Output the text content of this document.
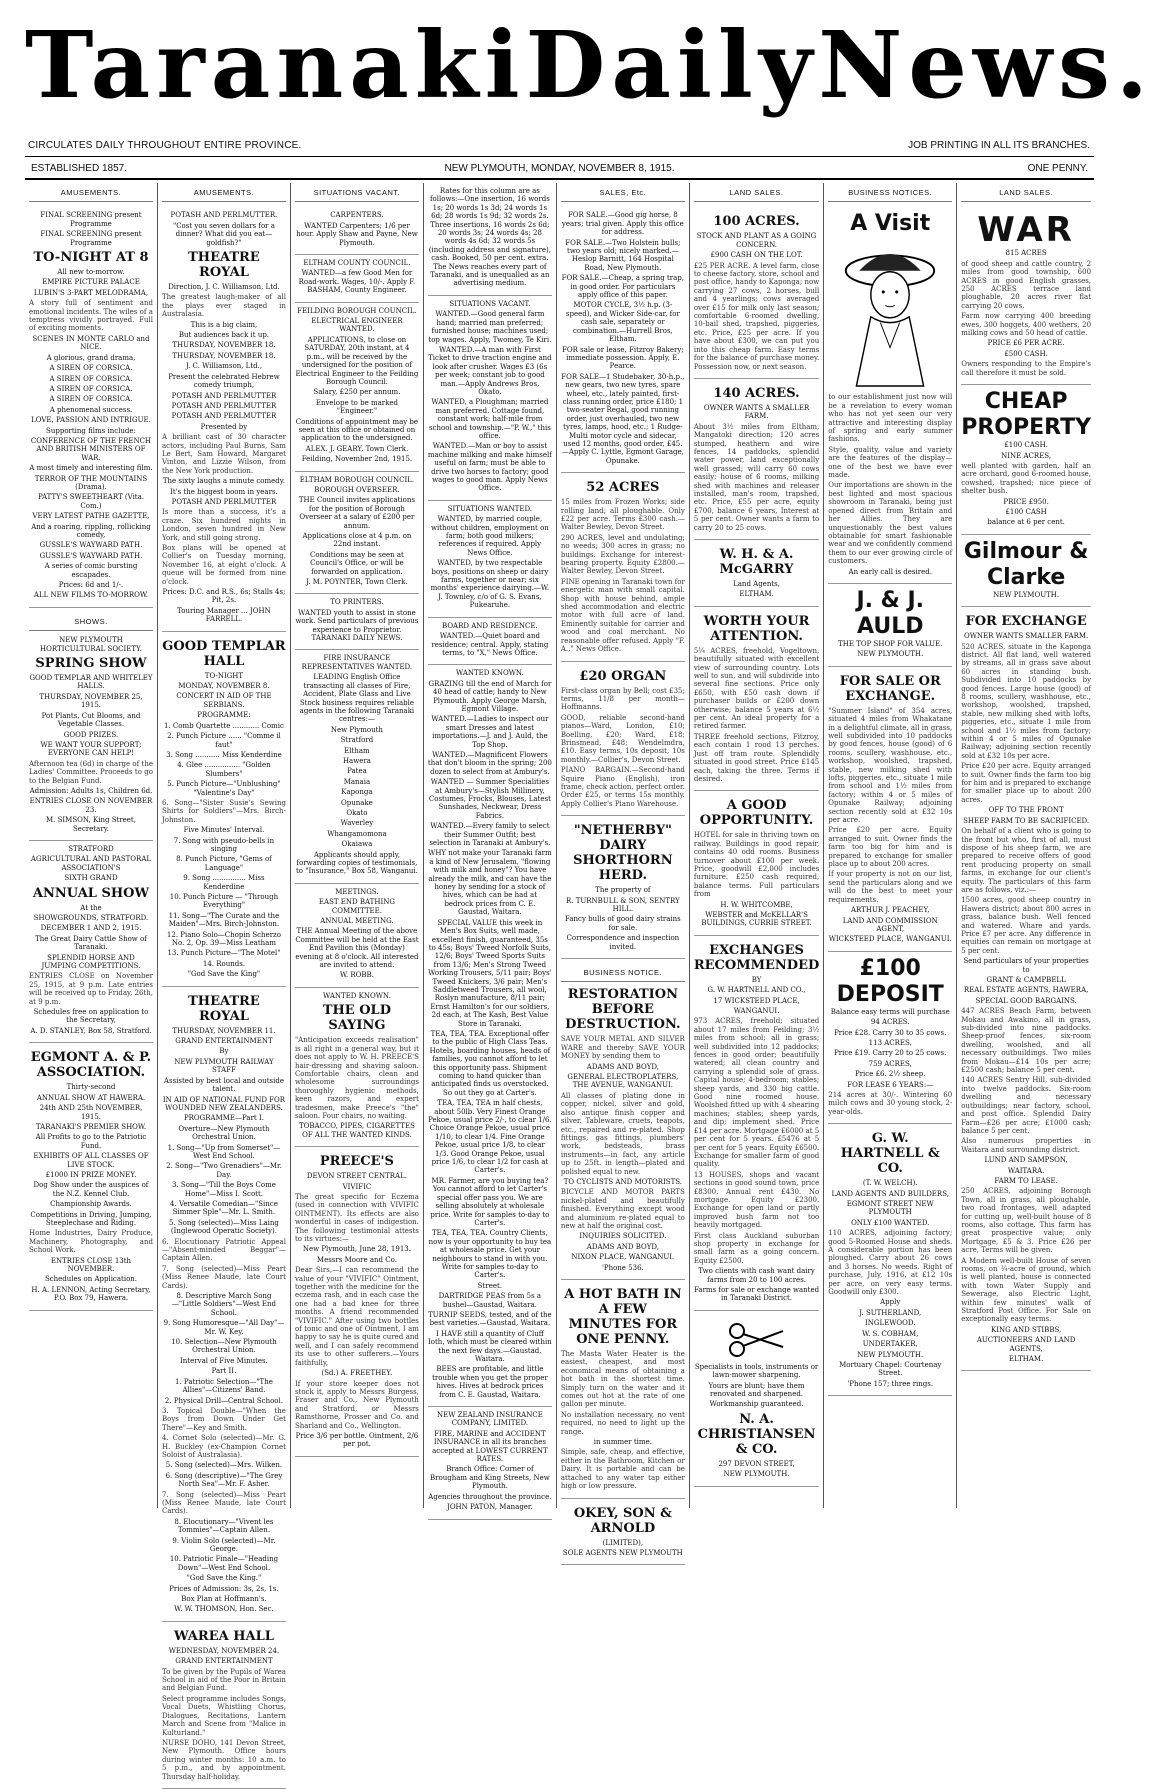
Taranaki Daily News.
CIRCULATES DAILY THROUGHOUT ENTIRE PROVINCE.	JOB PRINTING IN ALL ITS BRANCHES.
ESTABLISHED 1857.	NEW PLYMOUTH, MONDAY, NOVEMBER 8, 1915.	ONE PENNY.
AMUSEMENTS.

FINAL SCREENING present Programme

FINAL SCREENING present Programme

TO-NIGHT AT 8

All new to-morrow.

EMPIRE PICTURE PALACE

LUBIN'S 3-PART MELODRAMA,

A story full of sentiment and emotional incidents. The wiles of a temptress vividly portrayed. Full of exciting moments.

SCENES IN MONTE CARLO and NICE.

A glorious, grand drama,

A SIREN OF CORSICA.

A SIREN OF CORSICA.

A SIREN OF CORSICA.

A SIREN OF CORSICA.

A phenomenal success.

LOVE, PASSION AND INTRIGUE.

Supporting films include:

CONFERENCE OF THE FRENCH AND BRITISH MINISTERS OF WAR.

A most timely and interesting film.

TERROR OF THE MOUNTAINS (Drama).

PATTY'S SWEETHEART (Vita. Com.)

VERY LATEST PATHE GAZETTE,

And a roaring, rippling, rollicking comedy,

GUSSLE'S WAYWARD PATH.

GUSSLE'S WAYWARD PATH.

A series of comic bursting escapades.

Prices: 6d and 1/-.

ALL NEW FILMS TO-MORROW.

SHOWS.

NEW PLYMOUTH HORTICULTURAL SOCIETY.

SPRING SHOW

GOOD TEMPLAR AND WHITELEY HALLS.

THURSDAY, NOVEMBER 25, 1915.

Pot Plants, Cut Blooms, and Vegetable Classes.

GOOD PRIZES.

WE WANT YOUR SUPPORT; EVERYONE CAN HELP!

Afternoon tea (6d) in charge of the Ladies' Committee. Proceeds to go to the Belgian Fund.

Admission: Adults 1s, Children 6d.

ENTRIES CLOSE ON NOVEMBER 23.

M. SIMSON, King Street, Secretary.

STRATFORD

AGRICULTURAL AND PASTORAL ASSOCIATION'S

SIXTH GRAND

ANNUAL SHOW

At the

SHOWGROUNDS, STRATFORD.

DECEMBER 1 AND 2, 1915.

The Great Dairy Cattle Show of Taranaki.

SPLENDID HORSE AND JUMPING COMPETITIONS.

ENTRIES CLOSE on November 25, 1915, at 9 p.m. Late entries will be received up to Friday, 26th, at 9 p.m.

Schedules free on application to the Secretary,

A. D. STANLEY, Box 58, Stratford.

EGMONT A. & P. ASSOCIATION.

Thirty-second

ANNUAL SHOW AT HAWERA.

24th AND 25th NOVEMBER, 1915.

TARANAKI'S PREMIER SHOW.

All Profits to go to the Patriotic Fund.

EXHIBITS OF ALL CLASSES OF LIVE STOCK.

£1000 IN PRIZE MONEY.

Dog Show under the auspices of the N.Z. Kennel Club.

Championship Awards.

Competitions in Driving, Jumping, Steeplechase and Riding.

Home Industries, Dairy Produce, Machinery, Photography, and School Work.

ENTRIES CLOSE 13th NOVEMBER.

Schedules on Application.

H. A. LENNON, Acting Secretary, P.O. Box 79, Hawera.

AMUSEMENTS.

POTASH AND PERLMUTTER.

"Cost you seven dollars for a dinner? What did you eat—goldfish?"

THEATRE ROYAL

Direction, J. C. Williamson, Ltd.

The greatest laugh-maker of all the plays ever staged in Australasia.

This is a big claim,

But audiences back it up.

THURSDAY, NOVEMBER 18.

THURSDAY, NOVEMBER 18.

J. C. Williamson, Ltd.,

Present the celebrated Hebrew comedy triumph,

POTASH AND PERLMUTTER

POTASH AND PERLMUTTER

POTASH AND PERLMUTTER

Presented by

A brilliant cast of 30 character actors, including Paul Burns, Sam Le Bert, Sam Howard, Margaret Vinton, and Lizzie Wilson, from the New York production.

The sixty laughs a minute comedy.

It's the biggest boom in years.

POTASH AND PERLMUTTER

Is more than a success, it's a craze. Six hundred nights in London, seven hundred in New York, and still going strong.

Box plans will be opened at Collier's on Tuesday morning, November 16, at eight o'clock. A queue will be formed from nine o'clock.

Prices: D.C. and R.S., 6s; Stalls 4s; Pit, 2s.

Touring Manager ... JOHN FARRELL.

GOOD TEMPLAR HALL

TO-NIGHT

MONDAY, NOVEMBER 8.

CONCERT IN AID OF THE SERBIANS.

PROGRAMME:

1. Comb Quartette ............ Comic

2. Punch Picture ...... "Comme il faut"

3. Song ........... Miss Kenderdine

4. Glee ................ "Golden Slumbers"

5. Punch Picture—"Unblushing" "Valentine's Day"

6. Song—"Sister Susie's Sewing Shirts for Soldiers"—Mrs. Birch-Johnston.

Five Minutes' Interval.

7. Song with pseudo-bells in singing

8. Punch Picture, "Gems of Language"

9. Song ............... Miss Kenderdine

10. Punch Picture — "Through Everything"

11. Song—"The Curate and the Maiden"—Mrs. Birch-Johnston.

12. Piano Solo—Chopin Scherzo No. 2, Op. 39—Miss Leatham

13. Punch Picture—"The Motel"

14. Rounds.

"God Save the King"

THEATRE ROYAL

THURSDAY, NOVEMBER 11.

GRAND ENTERTAINMENT

By

NEW PLYMOUTH RAILWAY STAFF

Assisted by best local and outside talent.

IN AID OF NATIONAL FUND FOR WOUNDED NEW ZEALANDERS.

PROGRAMME—Part I.

Overture—New Plymouth Orchestral Union.

1. Song—"Up from Somerset"—West End School.

2. Song—"Two Grenadiers"—Mr. Day.

3. Song—"Till the Boys Come Home"—Miss I. Scott.

4. Versatile Comedian—"Since Simmer Sple"—Mr. L. Smith.

5. Song (selected)—Miss Laing (Inglewood Operatic Society).

6. Elocutionary Patriotic Appeal—"Absent-minded Beggar"—Captain Allen.

7. Song (selected)—Miss Peart (Miss Renee Maude, late Court Cards).

8. Descriptive March Song—"Little Soldiers"—West End School.

9. Song Humoresque—"All Day"—Mr. W. Key.

10. Selection—New Plymouth Orchestral Union.

Interval of Five Minutes.

Part II.

1. Patriotic Selection—"The Allies"—Citizens' Band.

2. Physical Drill—Central School.

3. Topical Double—"When the Boys from Down Under Get There"—Key and Smith.

4. Cornet Solo (selected)—Mr. G. H. Buckley (ex-Champion Cornet Soloist of Australasia).

5. Song (selected)—Mrs. Wilken.

6. Song (descriptive)—"The Grey North Sea"—Mr. F. Asher.

7. Song (selected)—Miss Peart (Miss Renee Maude, late Court Cards).

8. Elocutionary—"Vivent les Tommies"—Captain Allen.

9. Violin Solo (selected)—Mr. George.

10. Patriotic Finale—"Heading Down"—West End School.

"God Save the King."

Prices of Admission: 3s, 2s, 1s.

Box Plan at Hoffmann's.

W. W. THOMSON, Hon. Sec.

WAREA HALL

WEDNESDAY, NOVEMBER 24.

GRAND ENTERTAINMENT

To be given by the Pupils of Warea School in aid of the Poor in Britain and Belgian Fund.

Select programme includes Songs, Vocal Duets, Whistling Chorus, Dialogues, Recitations, Lantern March and Scene from "Malice in Kulturland."

NURSE DOHO, 141 Devon Street, New Plymouth. Office hours during winter months: 10 a.m. to 5 p.m., and by appointment. Thursday half-holiday.

SITUATIONS VACANT.

CARPENTERS.

WANTED Carpenters; 1/6 per hour. Apply Shaw and Payne, New Plymouth.

ELTHAM COUNTY COUNCIL.

WANTED—a few Good Men for Road-work. Wages, 10/-. Apply F. BASHAM, County Engineer.

FEILDING BOROUGH COUNCIL.

ELECTRICAL ENGINEER WANTED.

APPLICATIONS, to close on SATURDAY, 20th instant, at 4 p.m., will be received by the undersigned for the position of Electrical Engineer to the Feilding Borough Council.

Salary, £250 per annum.

Envelope to be marked "Engineer."

Conditions of appointment may be seen at this office or obtained on application to the undersigned.

ALEX. J. GEARY, Town Clerk.

Feilding, November 2nd, 1915.

ELTHAM BOROUGH COUNCIL.

BOROUGH OVERSEER.

THE Council invites applications for the position of Borough Overseer at a salary of £200 per annum.

Applications close at 4 p.m. on 22nd instant.

Conditions may be seen at Council's Office, or will be forwarded on application.

J. M. POYNTER, Town Clerk.

TO PRINTERS.

WANTED youth to assist in stone work. Send particulars of previous experience to Proprietor. TARANAKI DAILY NEWS.

FIRE INSURANCE REPRESENTATIVES WANTED.

LEADING English Office transacting all classes of Fire, Accident, Plate Glass and Live Stock business requires reliable agents in the following Taranaki centres:—

New Plymouth

Stratford

Eltham

Hawera

Patea

Manaia

Kaponga

Opunake

Okato

Waverley

Whangamomona

Okaiawa

Applicants should apply, forwarding copies of testimonials, to "Insurance," Box 58, Wanganui.

MEETINGS.

EAST END BATHING COMMITTEE.

ANNUAL MEETING.

THE Annual Meeting of the above Committee will be held at the East End Pavilion this (Monday) evening at 8 o'clock. All interested are invited to attend.

W. ROBB.

WANTED KNOWN.

THE OLD SAYING

"Anticipation exceeds realisation" is all right in a general way, but it does not apply to W. H. PREECE'S hair-dressing and shaving saloon. Comfortable chairs, clean and wholesome surroundings thoroughly hygienic methods, keen razors, and expert tradesmen, make Preece's "the" saloon. Four chairs, no waiting.

TOBACCO, PIPES, CIGARETTES OF ALL THE WANTED KINDS.

PREECE'S

DEVON STREET CENTRAL.

VIVIFIC

The great specific for Eczema (used in connection with VIVIFIC OINTMENT). Its effects are also wonderful in cases of indigestion. The following testimonial attests to its virtues:—

New Plymouth, June 28, 1913.

Messrs Moore and Co.

Dear Sirs,—I can recommend the value of your "VIVIFIC" Ointment, together with the medicine for the eczema rash, and in each case the one had a bad knee for three months. A friend recommended "VIVIFIC." After using two bottles of tonic and one of Ointment, I am happy to say he is quite cured and well, and I can safely recommend its use to other sufferers.—Yours faithfully,

(Sd.) A. FREETHEY.

If your store keeper does not stock it, apply to Messrs Burgess, Fraser and Co., New Plymouth and Stratford, or Messrs Ramsthorne, Prosser and Co. and Sharland and Co., Wellington.

Price 3/6 per bottle. Ointment, 2/6 per pot.

Rates for this column are as follows:—One insertion, 16 words 1s; 20 words 1s 3d; 24 words 1s 6d; 28 words 1s 9d; 32 words 2s. Three insertions, 16 words 2s 6d; 20 words 3s; 24 words 4s; 28 words 4s 6d; 32 words 5s (including address and signature), cash. Booked, 50 per cent. extra. The News reaches every part of Taranaki, and is unequalled as an advertising medium.

SITUATIONS VACANT.

WANTED.—Good general farm hand; married man preferred; furnished house; machines used; top wages. Apply, Twomey, Te Kiri.

WANTED.—A man with First Ticket to drive traction engine and look after crusher. Wages £3 (6s per week; constant job to good man.—Apply Andrews Bros, Okato.

WANTED, a Ploughman; married man preferred. Cottage found, constant work; half-mile from school and township.—"P. W.," this office.

WANTED.—Man or boy to assist machine milking and make himself useful on farm; must be able to drive two horses to factory; good wages to good man. Apply News Office.

SITUATIONS WANTED.

WANTED, by married couple, without children, employment on farm; both good milkers; references if required. Apply News Office.

WANTED, by two respectable boys, positions on sheep or dairy farms, together or near; six months' experience dairying.—W. J. Townley, c/o of G. S. Evans, Pukearuhe.

BOARD AND RESIDENCE.

WANTED.—Quiet board and residence; central. Apply, stating terms, to "X," News Office.

WANTED KNOWN.

GRAZING till the end of March for 40 head of cattle; handy to New Plymouth. Apply George Marsh, Egmont Village.

WANTED.—Ladies to inspect our smart Dresses and latest importations.—J. and J. Auld, the Top Shop.

WANTED.—Magnificent Flowers that don't bloom in the spring; 200 dozen to select from at Ambury's.

WANTED — Summer Specialities at Ambury's—Stylish Millinery, Costumes, Frocks, Blouses, Latest Sunshades, Neckwear, Dress Fabrics.

WANTED.—Every family to select their Summer Outfit; best selection in Taranaki at Ambury's.

WHY not make your Taranaki farm a kind of New Jerusalem, "flowing with milk and honey"? You have already the milk, and can have the honey by sending for a stock of hives, which can be had at bedrock prices from C. E. Gaustad, Waitara.

SPECIAL VALUE this week in Men's Box Suits, well made, excellent finish, guaranteed, 35s to 45s; Boys' Tweed Norfolk Suits, 12/6; Boys' Tweed Sports Suits from 13/6; Men's Strong Tweed Working Trousers, 5/11 pair; Boys' Tweed Knickers, 3/6 pair; Men's Saddletweed Trousers, all wool, Roslyn manufacture, 8/11 pair; Ernst Hamilton's for our soldiers, 2d each, at The Kash, Best Value Store in Taranaki.

TEA, TEA, TEA. Exceptional offer to the public of High Class Teas. Hotels, boarding houses, heads of families, you cannot afford to let this opportunity pass. Shipment coming to hand quicker than anticipated finds us overstocked. So out they go at Carter's.

TEA, TEA, TEA in half chests, about 50lb. Very Finest Orange Pekoe, usual price 2/-, to clear 1/6. Choice Orange Pekoe, usual price 1/10, to clear 1/4. Fine Orange Pekoe, usual price 1/8, to clear 1/3. Good Orange Pekoe, usual price 1/6, to clear 1/2 for cash at Carter's.

MR. Farmer, are you buying tea? You cannot afford to let Carter's special offer pass you. We are selling absolutely at wholesale price. Write for samples to-day to Carter's.

TEA, TEA, TEA. Country Clients, now is your opportunity to buy tea at wholesale price. Get your neighbours to stand in with you. Write for samples to-day to Carter's.

Street.

DARTRIDGE PEAS from 5s a bushel—Gaustad, Waitara.

TURNIP SEEDS, tested, and of the best varieties.—Gaustad, Waitara.

I HAVE still a quantity of Cluff Ioth, which must be cleared within the next few days.—Gaustad, Waitara.

BEES are profitable, and little trouble when you get the proper hives. Hives at bedrock prices from C. E. Gaustad, Waitara.

NEW ZEALAND INSURANCE COMPANY, LIMITED.

FIRE, MARINE and ACCIDENT INSURANCE in all its branches accepted at LOWEST CURRENT RATES.

Branch Office: Corner of Brougham and King Streets, New Plymouth.

Agencies throughout the province.

JOHN PATON, Manager.

SALES, Etc.

FOR SALE.—Good gig horse, 8 years; trial given. Apply this office for address.

FOR SALE.—Two Holstein bulls; two years old; nicely marked.—Heslop Barnitt, 164 Hospital Road, New Plymouth.

FOR SALE.—Cheap, a spring trap, in good order. For particulars apply office of this paper.

MOTOR CYCLE, 3½ h.p. (3-speed), and Wicker Side-car, for cash sale, separately or combination.—Hurrell Bros, Eltham.

FOR sale or lease, Fitzroy Bakery; immediate possession. Apply, E. Pearce.

FOR SALE—1 Studebaker, 30-h.p., new gears, two new tyres, spare wheel, etc., lately painted, first-class running order, price £180; 1 two-seater Regal, good running order, just overhauled, two new tyres, lamps, hood, etc.; 1 Rudge-Multi motor cycle and sidecar, used 12 months, good order, £45.—Apply C. Lyttle, Egmont Garage, Opunake.

52 ACRES

15 miles from Frozen Works; side rolling land; all ploughable. Only £22 per acre. Terms £300 cash.—Walter Bewley, Devon Street.

290 ACRES, level and undulating; no weeds; 300 acres in grass; no buildings. Exchange for interest-bearing property. Equity £2800.—Walter Bewley, Devon Street.

FINE opening in Taranaki town for energetic man with small capital. Shop with house behind, ample shed accommodation and electric motor with full acre of land. Eminently suitable for carrier and wood and coal merchant. No reasonable offer refused. Apply "F. A.," News Office.

£20 ORGAN

First-class organ by Bell; cost £35; terms, 11/8 per month—Hoffmanns.

GOOD, reliable second-hand pianos—Ward, London, £10; Boelling, £20; Ward, £18; Brinsmead, £48; Wendelmdra, £10. Easy terms, 10s deposit, 10s monthly.—Collier's, Devon Street.

PIANO BARGAIN.—Second-hand Squire Piano (English), iron frame, check action, perfect order. Order £25, or terms 15s monthly. Apply Collier's Piano Warehouse.

"NETHERBY" DAIRY SHORTHORN HERD.

The property of

R. TURNBULL & SON, SENTRY HILL.

Fancy bulls of good dairy strains for sale.

Correspondence and inspection invited.

BUSINESS NOTICE.
RESTORATION BEFORE DESTRUCTION.

SAVE YOUR METAL AND SILVER WARE and thereby SAVE YOUR MONEY by sending them to

ADAMS AND BOYD,

GENERAL ELECTROPLATERS, THE AVENUE, WANGANUI.

All classes of plating done in copper, nickel, silver and gold, also antique finish copper and silver. Tableware, cruets, teapots, etc., repaired and re-plated. Shop fittings, gas fittings, plumbers' work, bedsteads, brass instruments—in fact, any article up to 25ft. in length—plated and polished equal to new.

TO CYCLISTS AND MOTORISTS.

BICYCLE AND MOTOR PARTS nickel-plated and beautifully finished. Everything except wood and aluminium re-plated equal to new at half the original cost.

INQUIRIES SOLICITED.

ADAMS AND BOYD,

NIXON PLACE, WANGANUI.

'Phone 536.

A HOT BATH IN A FEW MINUTES FOR ONE PENNY.

The Masta Water Heater is the easiest, cheapest, and most economical means of obtaining a hot bath in the shortest time. Simply turn on the water and it comes out hot at the rate of one gallon per minute.

No installation necessary, no vent required, no need to light up the range.

in summer time.

Simple, safe, cheap, and effective, either in the Bathroom, Kitchen or Dairy. It is portable and can be attached to any water tap either high or low pressure.

OKEY, SON & ARNOLD

(LIMITED),

SOLE AGENTS NEW PLYMOUTH

LAND SALES.
100 ACRES.

STOCK AND PLANT AS A GOING CONCERN.

£900 CASH ON THE LOT.

£25 PER ACRE. A level farm, close to cheese factory, store, school and post office, handy to Kaponga; now carrying 27 cows, 2 horses, bull and 4 yearlings; cows averaged over £15 for milk only last season; comfortable 6-roomed dwelling, 10-bail shed, trapshed, piggeries, etc. Price, £25 per acre. If you have about £300, we can put you into this cheap farm. Easy terms for the balance of purchase money. Possession now, or next season.

140 ACRES.

OWNER WANTS A SMALLER FARM.

About 3½ miles from Eltham, Mangatoki direction; 120 acres stumped, heathern and wire fences, 14 paddocks, splendid water power, land exceptionally well grassed; will carry 60 cows easily; house of 6 rooms, milking shed with machines and releaser installed, man's room, trapshed, etc. Price, £55 per acre, equity £700, balance 6 years, Interest at 5 per cent. Owner wants a farm to carry 20 to 25 cows.

W. H. & A. McGARRY

Land Agents,

ELTHAM.

WORTH YOUR ATTENTION.

5¼ ACRES, freehold, Vogeltown, beautifully situated with excellent view of surrounding country. Lots well to sun, and will subdivide into several fine sections. Price only £650, with £50 cash down if purchaser builds or £200 down otherwise; balance 5 years at 6½ per cent. An ideal property for a retired farmer.

THREE freehold sections, Fitzroy, each contain 1 rood 13 perches. Just off tram route. Splendidly situated in good street. Price £145 each, taking the three. Terms if desired.

A GOOD OPPORTUNITY.

HOTEL for sale in thriving town on railway. Buildings in good repair, contains 40 odd rooms. Business turnover about £100 per week. Price, goodwill £2,000 includes furniture. £250 cash required, balance terms. Full particulars from

H. W. WHITCOMBE,

WEBSTER and McKELLAR'S BUILDINGS, CURRIE STREET.

EXCHANGES RECOMMENDED

BY

G. W. HARTNELL AND CO.,

17 WICKSTEED PLACE,

WANGANUI.

973 ACRES, freehold; situated about 17 miles from Feilding; 3½ miles from school; all in grass; well subdivided into 12 paddocks; fences in good order; beautifully watered; all clean country and carrying a splendid sole of grass. Capital house; 4-bedroom; stables; sheep yards, and 330 big cattle. Good nine roomed house. Woolshed fitted up with 4 shearing machines; stables; sheep yards, and dip; implement shed. Price £14 per acre. Mortgage £6000 at 5 per cent for 5 years. £5476 at 5 per cent for 5 years. Equity £6500. Exchange for smaller farm of good quality.

13 HOUSES, shops and vacant sections in good sound town, price £8300. Annual rent £430. No mortgage. Equity £2300. Exchange for open land or partly improved bush farm not too heavily mortgaged.

First class Auckland suburban shop property in exchange for small farm as a going concern. Equity £2500.

Two clients with cash want dairy farms from 20 to 100 acres.

Farms for sale or exchange wanted in Taranaki District.

Specialists in tools, instruments or lawn-mower sharpening.

Yours are blunt; have them renovated and sharpened.

Workmanship guaranteed.

N. A. CHRISTIANSEN & CO.

297 DEVON STREET,

NEW PLYMOUTH.

BUSINESS NOTICES.
A Visit

to our establishment just now will be a revelation to every woman who has not yet seen our very attractive and interesting display of spring and early summer fashions.

Style, quality, value and variety are the features of the display—one of the best we have ever made.

Our importations are shown in the best lighted and most spacious showroom in Taranaki, being just opened direct from Britain and her Allies. They are unquestionably the best values obtainable for smart fashionable wear and we confidently commend them to our ever growing circle of customers.

An early call is desired.

J. & J. AULD

THE TOP SHOP FOR VALUE.

NEW PLYMOUTH.

FOR SALE OR EXCHANGE.

"Summer Island" of 354 acres, situated 4 miles from Whakatane in a delightful climate, all in grass, well subdivided into 10 paddocks by good fences, house (good) of 6 rooms, scullery, washhouse, etc., workshop, woolshed, trapshed, stable, new milking shed with lofts, piggeries, etc., situate 1 mile from school and 1½ miles from factory; within 4 or 5 miles of Opunake Railway; adjoining section recently sold at £32 10s per acre.

Price £20 per acre. Equity arranged to suit. Owner finds the farm too big for him and is prepared to exchange for smaller place up to about 200 acres.

If your property is not on our list, send the particulars along and we will do the best to meet your requirements.

ARTHUR J. PEACHEY,

LAND AND COMMISSION AGENT,

WICKSTEED PLACE, WANGANUI.

£100 DEPOSIT

Balance easy terms will purchase

94 ACRES.

Price £28. Carry 30 to 35 cows.

113 ACRES,

Price £19. Carry 20 to 25 cows.

759 ACRES,

Price £6. 2½ sheep.

FOR LEASE 6 YEARS:—

214 acres at 30/-. Wintering 60 milch cows and 30 young stock, 2-year-olds.

G. W. HARTNELL & CO.

(T. W. WELCH).

LAND AGENTS AND BUILDERS,

EGMONT STREET NEW PLYMOUTH

ONLY £100 WANTED.

110 ACRES, adjoining factory; good 5-Roomed House and sheds. A considerable portion has been ploughed. Carry about 26 cows and 3 horses. No weeds. Right of purchase, July, 1916, at £12 10s per acre, on very easy terms. Goodwill only £300.

Apply

J. SUTHERLAND,

INGLEWOOD.

W. S. COBHAM,

UNDERTAKER,

NEW PLYMOUTH.

Mortuary Chapel: Courtenay Street.

'Phone 157; three rings.

LAND SALES.
WAR

815 ACRES

of good sheep and cattle country, 2 miles from good township, 600 ACRES in good English grasses, 250 ACRES terrace land ploughable, 20 acres river flat carrying 20 cows.

Farm now carrying 400 breeding ewes, 300 hoggets, 400 wethers, 20 milking cows and 50 head of cattle.

PRICE £6 PER ACRE.

£500 CASH.

Owners responding to the Empire's call therefore it must be sold.

CHEAP PROPERTY

£100 CASH.

NINE ACRES,

well planted with garden, half an acre orchard, good 6-roomed house, cowshed, trapshed; nice piece of shelter bush.

PRICE £950.

£100 CASH

balance at 6 per cent.

Gilmour & Clarke

NEW PLYMOUTH.

FOR EXCHANGE

OWNER WANTS SMALLER FARM.

520 ACRES, situate in the Kaponga district. All flat land, well watered by streams, all in grass save about 60 acres in standing bush. Subdivided into 10 paddocks by good fences. Large house (good) of 8 rooms, scullery, washhouse, etc., workshop, woolshed, trapshed, stable, new milking shed with lofts, piggeries, etc., situate 1 mile from school and 1½ miles from factory; within 4 or 5 miles of Opunake Railway; adjoining section recently sold at £32 10s per acre.

Price £20 per acre. Equity arranged to suit. Owner finds the farm too big for him and is prepared to exchange for smaller place up to about 200 acres.

OFF TO THE FRONT

SHEEP FARM TO BE SACRIFICED.

On behalf of a client who is going to the front but who, first of all, must dispose of his sheep farm, we are prepared to receive offers of good rent producing property on small farms, in exchange for our client's equity. The particulars of this farm are as follows, viz.:—

1500 acres, good sheep country in Hawera district; about 800 acres in grass, balance bush. Well fenced and watered. Whare and yards. Price £7 per acre. Any difference in equities can remain on mortgage at 5 per cent.

Send particulars of your properties to

GRANT & CAMPBELL

REAL ESTATE AGENTS, HAWERA,

SPECIAL GOOD BARGAINS.

447 ACRES Beach Farm, between Mokau and Awakino, all in grass, sub-divided into nine paddocks. Sheep-proof fences, six-room dwelling, woolshed, and all necessary outbuildings. Two miles from Mokau—£14 10s per acre; £2500 cash; balance 5 per cent.

140 ACRES Sentry Hill, sub-divided into twelve paddocks. Six-room dwelling and necessary outbuildings; near factory, school, and post office. Splendid Dairy Farm—£26 per acre; £1000 cash; balance 5 per cent.

Also numerous properties in Waitara and surrounding district.

LUND AND SAMPSON,

WAITARA.

FARM TO LEASE.

250 ACRES, adjoining Borough Town, all in grass, all ploughable, two road frontages, well adapted for cutting up, well-built house of 8 rooms, also cottage. This farm has great prospective value; only Mortgage, £5 & 3. Price £26 per acre, Terms will be given.

A Modern well-built House of seven rooms, on ¼-acre of ground, which is well planted, house is connected with town Water Supply and Sewerage, also Electric Light, within few minutes' walk of Stratford Post Office. For Sale on exceptionally easy terms.

KING AND STIBBS,

AUCTIONEERS AND LAND AGENTS,

ELTHAM.
